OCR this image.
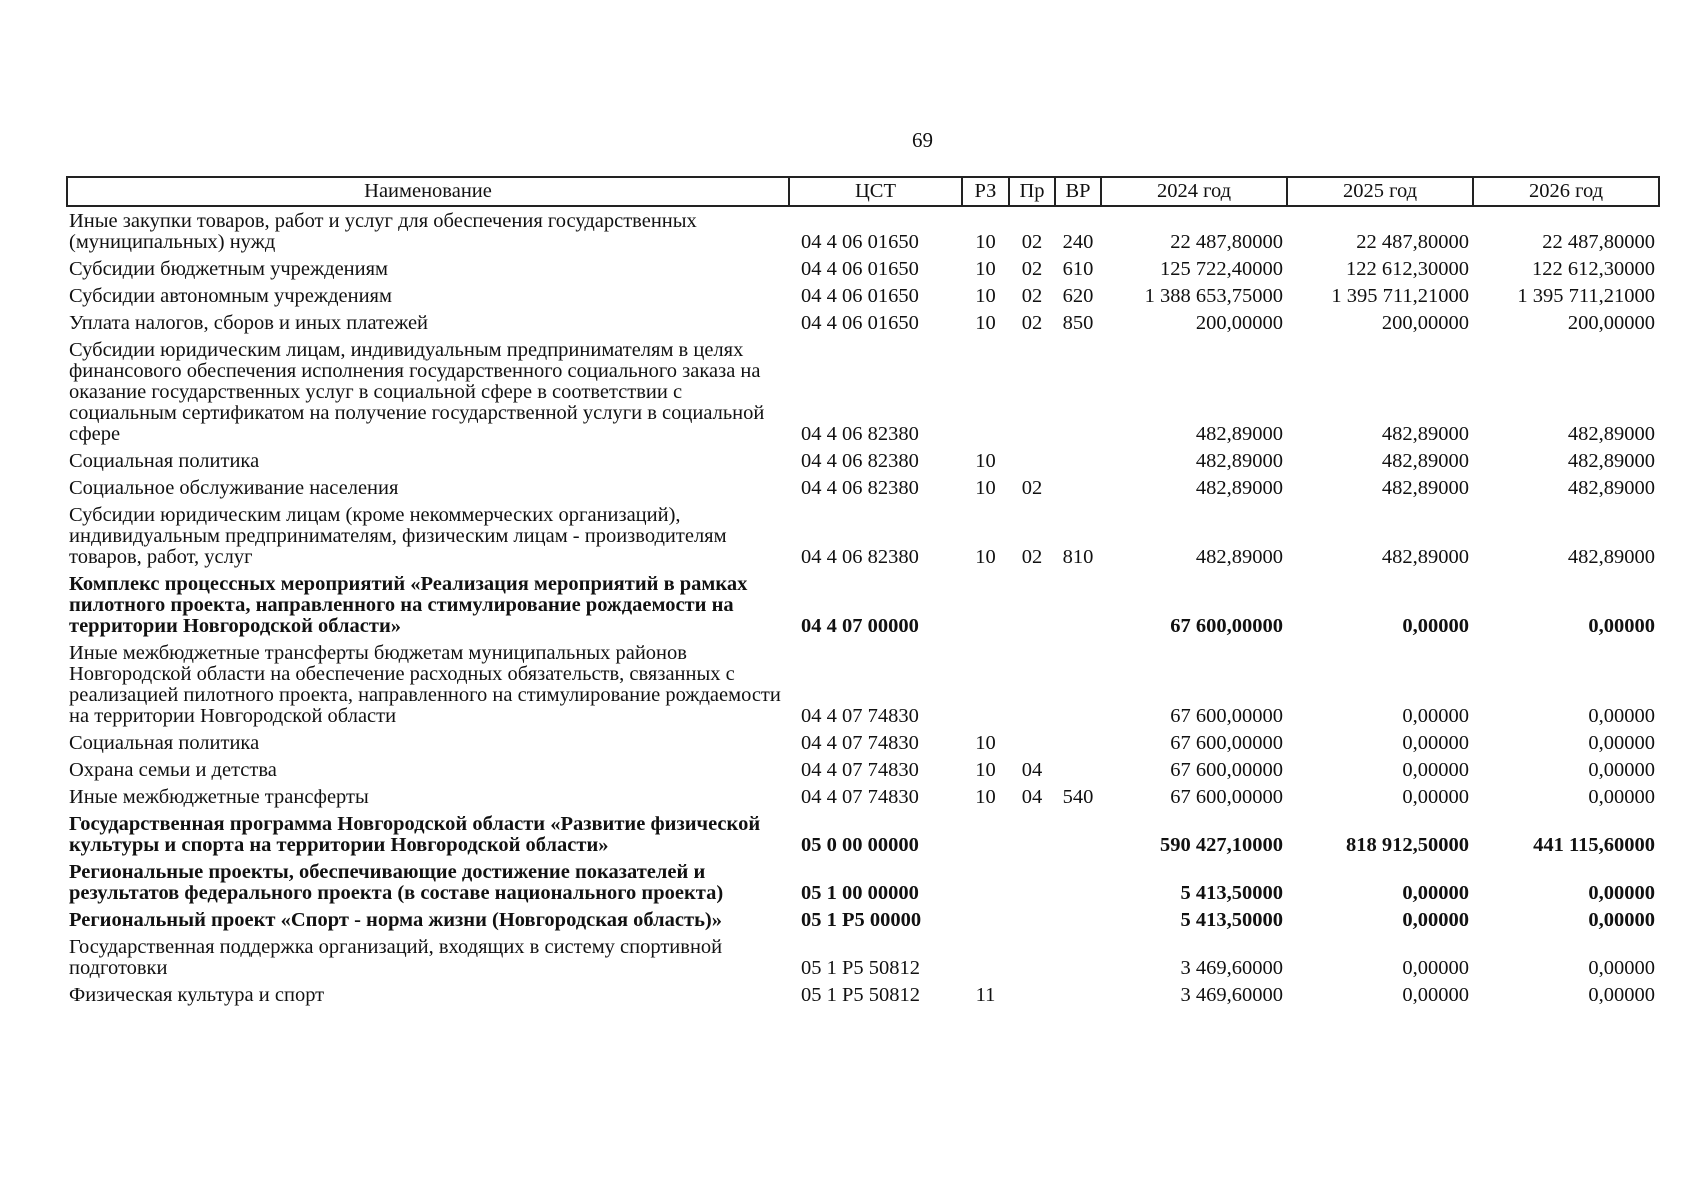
69
Наименование	ЦСТ	РЗ	Пр	ВР	2024 год	2025 год	2026 год
Иные закупки товаров, работ и услуг для обеспечения государственных (муниципальных) нужд	04 4 06 01650	10	02	240	22 487,80000	22 487,80000	22 487,80000
Субсидии бюджетным учреждениям	04 4 06 01650	10	02	610	125 722,40000	122 612,30000	122 612,30000
Субсидии автономным учреждениям	04 4 06 01650	10	02	620	1 388 653,75000	1 395 711,21000	1 395 711,21000
Уплата налогов, сборов и иных платежей	04 4 06 01650	10	02	850	200,00000	200,00000	200,00000
Субсидии юридическим лицам, индивидуальным предпринимателям в целях финансового обеспечения исполнения государственного социального заказа на оказание государственных услуг в социальной сфере в соответствии с социальным сертификатом на получение государственной услуги в социальной сфере	04 4 06 82380				482,89000	482,89000	482,89000
Социальная политика	04 4 06 82380	10			482,89000	482,89000	482,89000
Социальное обслуживание населения	04 4 06 82380	10	02		482,89000	482,89000	482,89000
Субсидии юридическим лицам (кроме некоммерческих организаций), индивидуальным предпринимателям, физическим лицам - производителям товаров, работ, услуг	04 4 06 82380	10	02	810	482,89000	482,89000	482,89000
Комплекс процессных мероприятий «Реализация мероприятий в рамках пилотного проекта, направленного на стимулирование рождаемости на территории Новгородской области»	04 4 07 00000				67 600,00000	0,00000	0,00000
Иные межбюджетные трансферты бюджетам муниципальных районов Новгородской области на обеспечение расходных обязательств, связанных с реализацией пилотного проекта, направленного на стимулирование рождаемости на территории Новгородской области	04 4 07 74830				67 600,00000	0,00000	0,00000
Социальная политика	04 4 07 74830	10			67 600,00000	0,00000	0,00000
Охрана семьи и детства	04 4 07 74830	10	04		67 600,00000	0,00000	0,00000
Иные межбюджетные трансферты	04 4 07 74830	10	04	540	67 600,00000	0,00000	0,00000
Государственная программа Новгородской области «Развитие физической культуры и спорта на территории Новгородской области»	05 0 00 00000				590 427,10000	818 912,50000	441 115,60000
Региональные проекты, обеспечивающие достижение показателей и результатов федерального проекта (в составе национального проекта)	05 1 00 00000				5 413,50000	0,00000	0,00000
Региональный проект «Спорт - норма жизни (Новгородская область)»	05 1 P5 00000				5 413,50000	0,00000	0,00000
Государственная поддержка организаций, входящих в систему спортивной подготовки	05 1 P5 50812				3 469,60000	0,00000	0,00000
Физическая культура и спорт	05 1 P5 50812	11			3 469,60000	0,00000	0,00000
